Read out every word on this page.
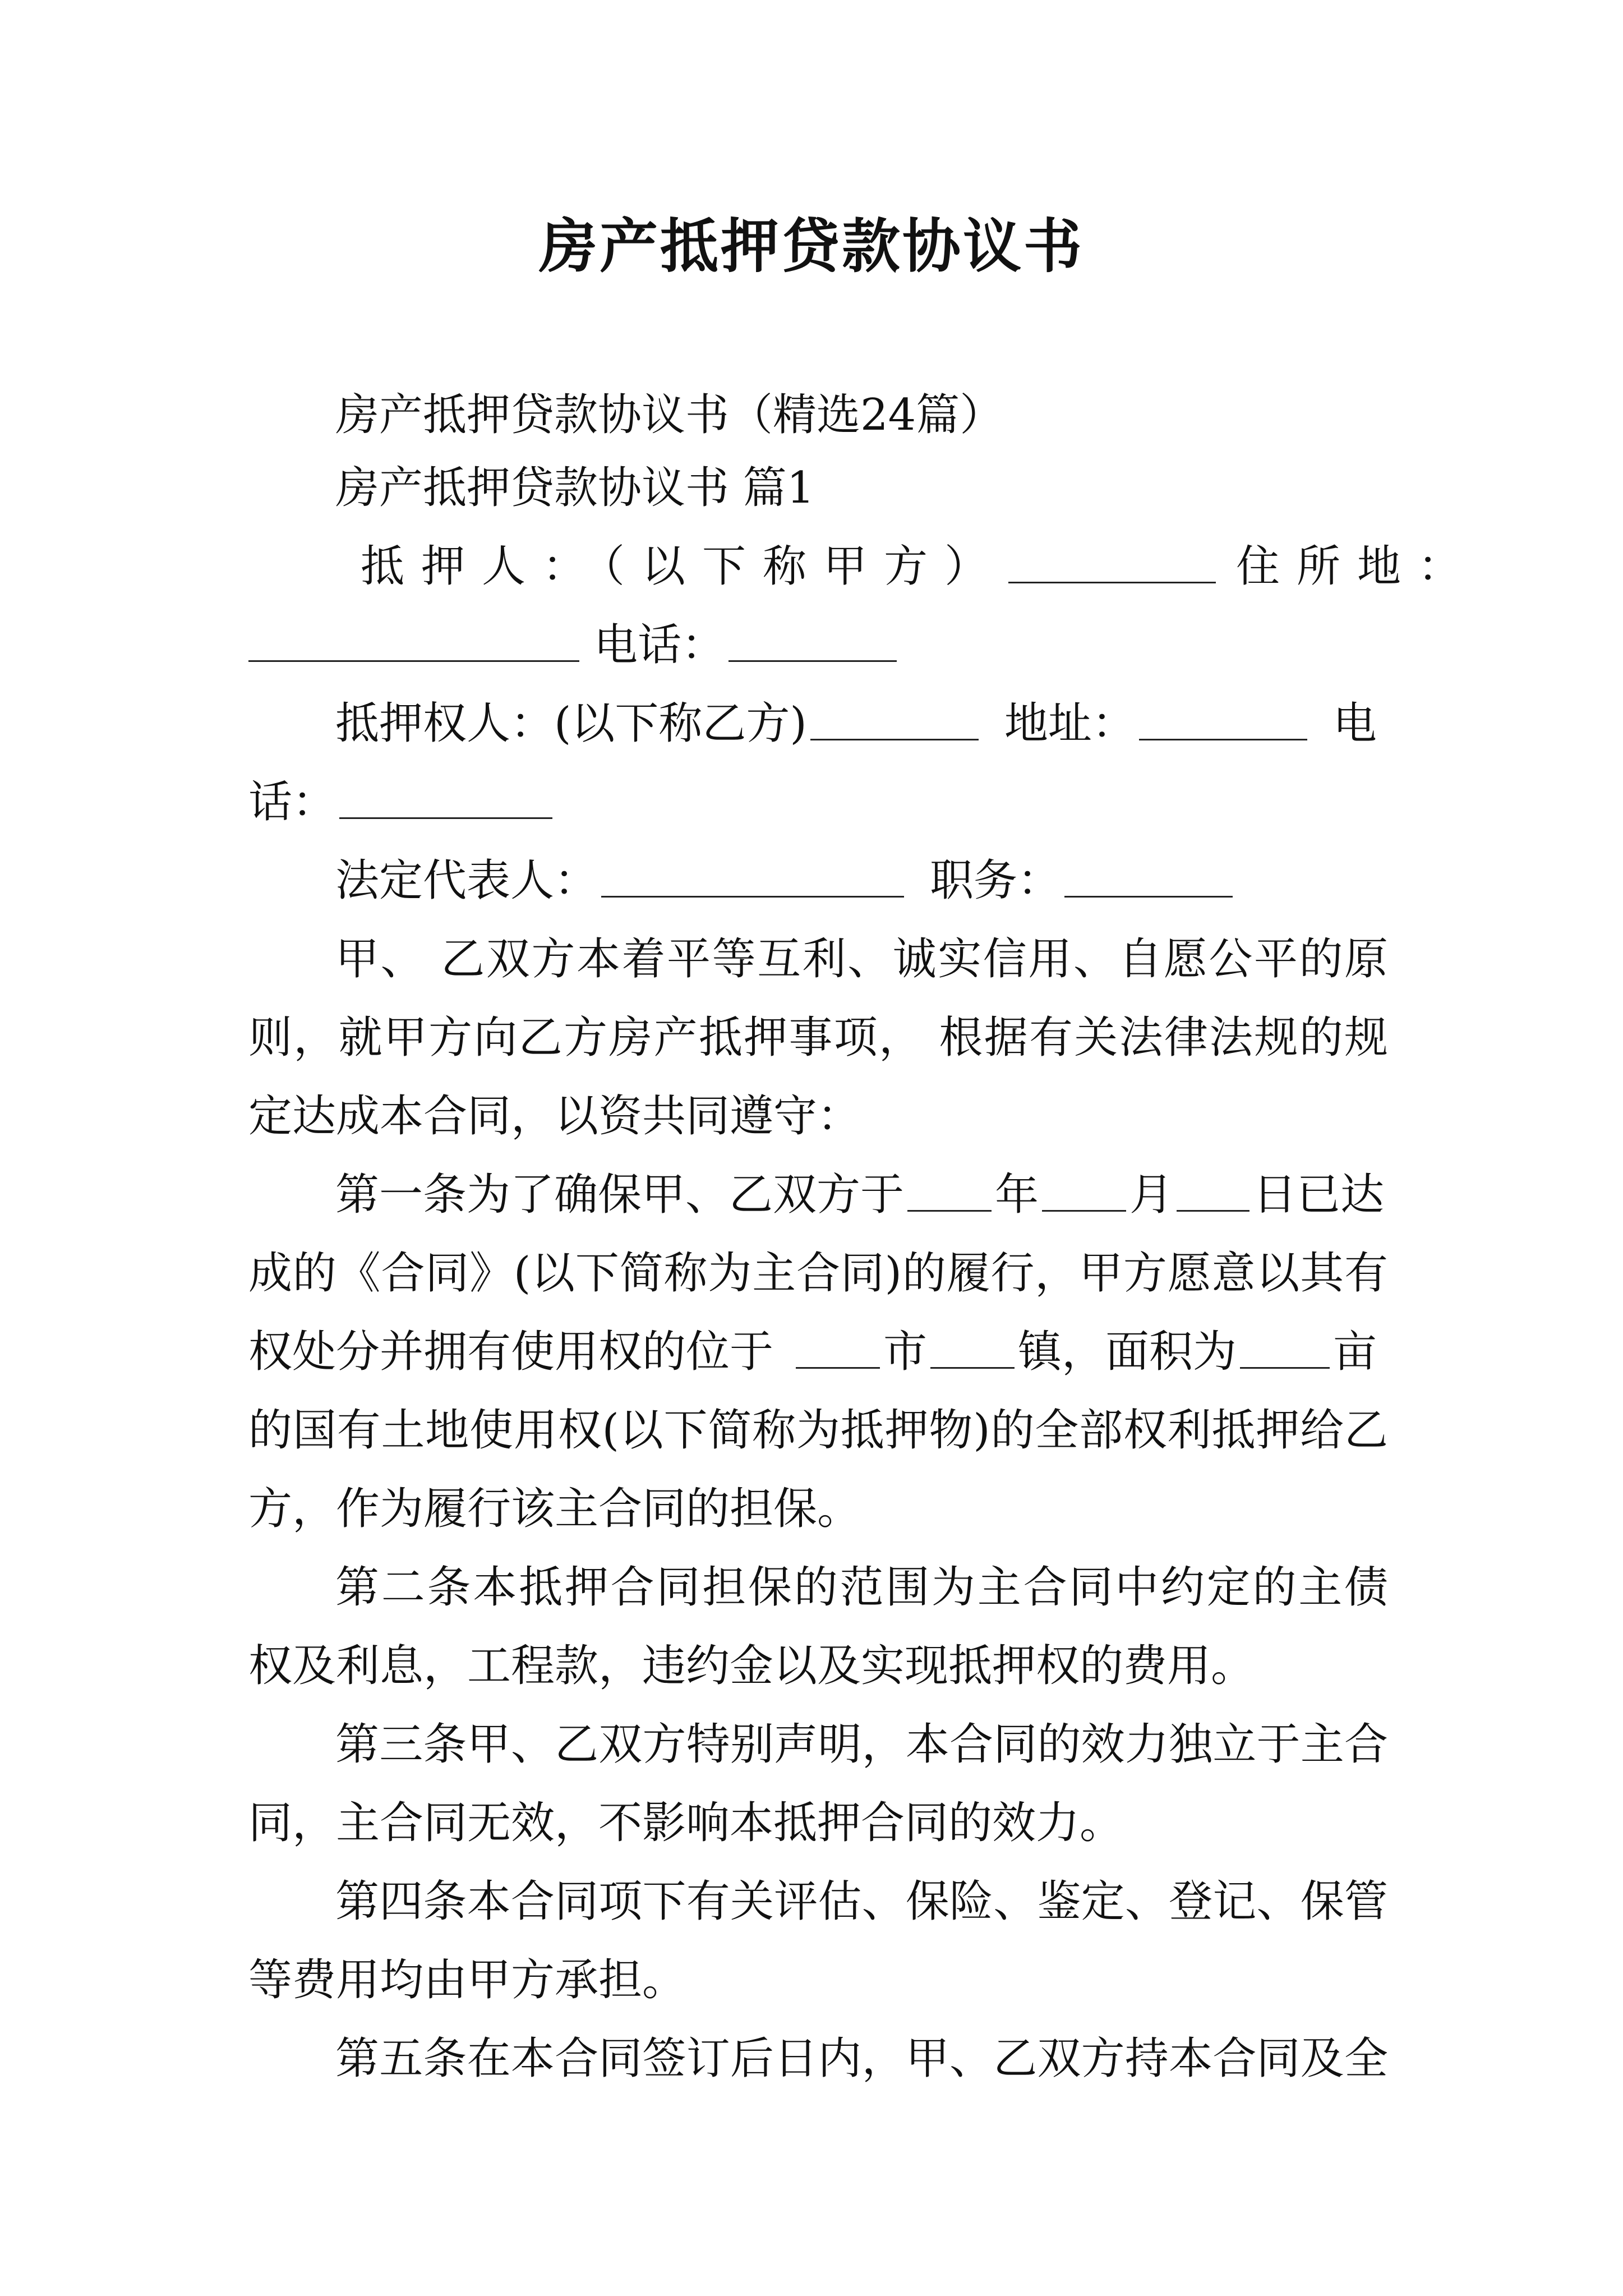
房产抵押贷款协议书
房产抵押贷款协议书（精选24篇）
房产抵押贷款协议书 篇1
抵押人：（以下称甲方）	住所地：
电话：
抵押权人：(以下称乙方)	地址：	电
话：
法定代表人：	职务：
甲、 乙双方本着平等互利、诚实信用、自愿公平的原
则，就甲方向乙方房产抵押事项， 根据有关法律法规的规
定达成本合同，以资共同遵守：
第一条为了确保甲、乙双方于 年 月 日已达
成的《合同》(以下简称为主合同)的履行，甲方愿意以其有
权处分并拥有使用权的位于	市 镇，面积为 亩
的国有土地使用权(以下简称为抵押物)的全部权利抵押给乙
方，作为履行该主合同的担保。
第二条本抵押合同担保的范围为主合同中约定的主债
权及利息，工程款，违约金以及实现抵押权的费用。
第三条甲、乙双方特别声明，本合同的效力独立于主合
同，主合同无效，不影响本抵押合同的效力。
第四条本合同项下有关评估、保险、鉴定、登记、保管
等费用均由甲方承担。
第五条在本合同签订后日内，甲、乙双方持本合同及全
